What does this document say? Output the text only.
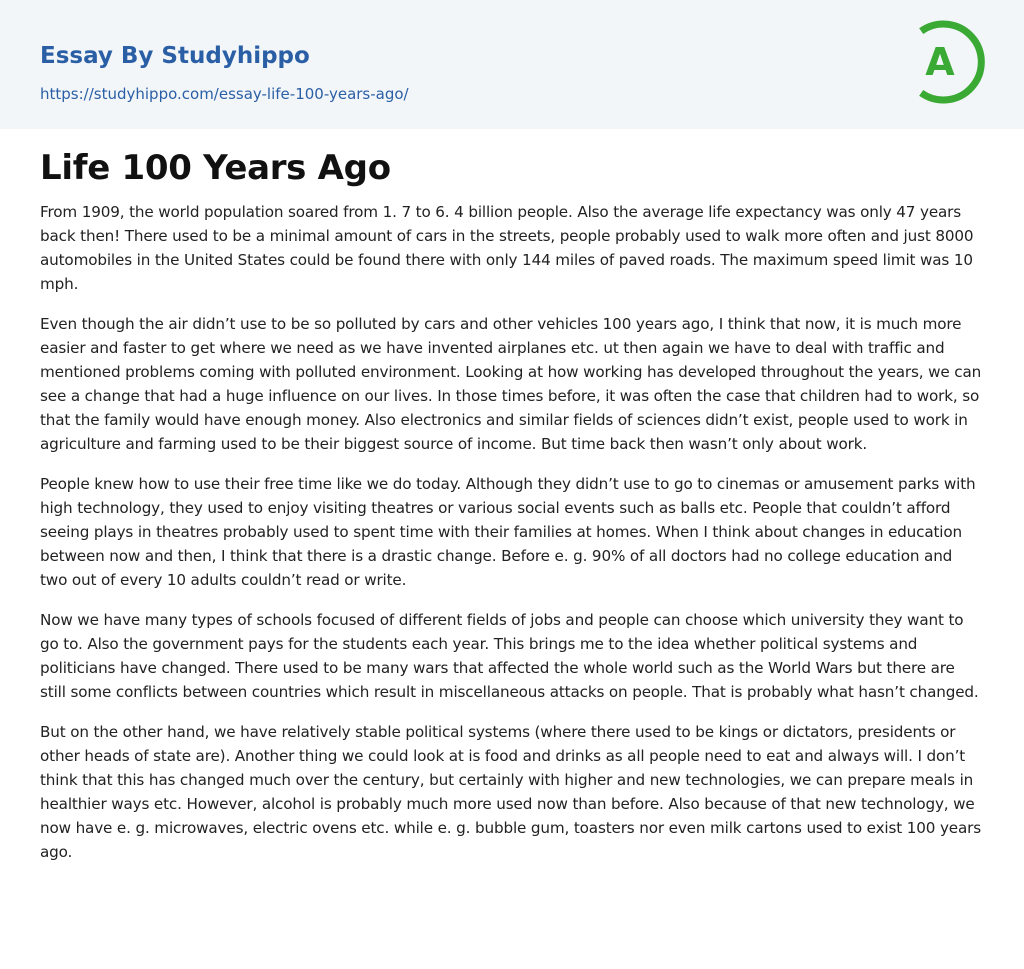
Essay By Studyhippo
https://studyhippo.com/essay-life-100-years-ago/
A
Life 100 Years Ago

From 1909, the world population soared from 1. 7 to 6. 4 billion people. Also the average life expectancy was only 47 years back then! There used to be a minimal amount of cars in the streets, people probably used to walk more often and just 8000 automobiles in the United States could be found there with only 144 miles of paved roads. The maximum speed limit was 10 mph.

Even though the air didn’t use to be so polluted by cars and other vehicles 100 years ago, I think that now, it is much more easier and faster to get where we need as we have invented airplanes etc. ut then again we have to deal with traffic and mentioned problems coming with polluted environment. Looking at how working has developed throughout the years, we can see a change that had a huge influence on our lives. In those times before, it was often the case that children had to work, so that the family would have enough money. Also electronics and similar fields of sciences didn’t exist, people used to work in agriculture and farming used to be their biggest source of income. But time back then wasn’t only about work.

People knew how to use their free time like we do today. Although they didn’t use to go to cinemas or amusement parks with high technology, they used to enjoy visiting theatres or various social events such as balls etc. People that couldn’t afford seeing plays in theatres probably used to spent time with their families at homes. When I think about changes in education between now and then, I think that there is a drastic change. Before e. g. 90% of all doctors had no college education and two out of every 10 adults couldn’t read or write.

Now we have many types of schools focused of different fields of jobs and people can choose which university they want to go to. Also the government pays for the students each year. This brings me to the idea whether political systems and politicians have changed. There used to be many wars that affected the whole world such as the World Wars but there are still some conflicts between countries which result in miscellaneous attacks on people. That is probably what hasn’t changed.

But on the other hand, we have relatively stable political systems (where there used to be kings or dictators, presidents or other heads of state are). Another thing we could look at is food and drinks as all people need to eat and always will. I don’t think that this has changed much over the century, but certainly with higher and new technologies, we can prepare meals in healthier ways etc. However, alcohol is probably much more used now than before. Also because of that new technology, we now have e. g. microwaves, electric ovens etc. while e. g. bubble gum, toasters nor even milk cartons used to exist 100 years ago.
